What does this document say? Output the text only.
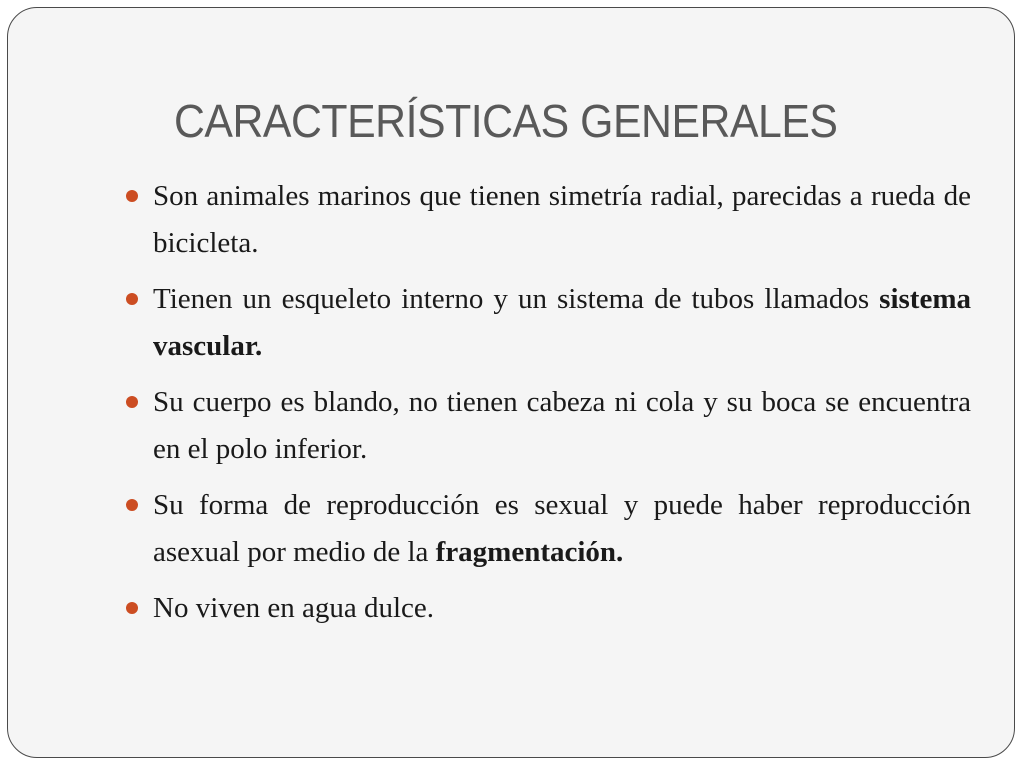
CARACTERÍSTICAS GENERALES
Son animales marinos que tienen simetría radial, parecidas a rueda de bicicleta.
Tienen un esqueleto interno y un sistema de tubos llamados sistema vascular.
Su cuerpo es blando, no tienen cabeza ni cola y su boca se encuentra en el polo inferior.
Su forma de reproducción es sexual y puede haber reproducción asexual por medio de la fragmentación.
No viven en agua dulce.
